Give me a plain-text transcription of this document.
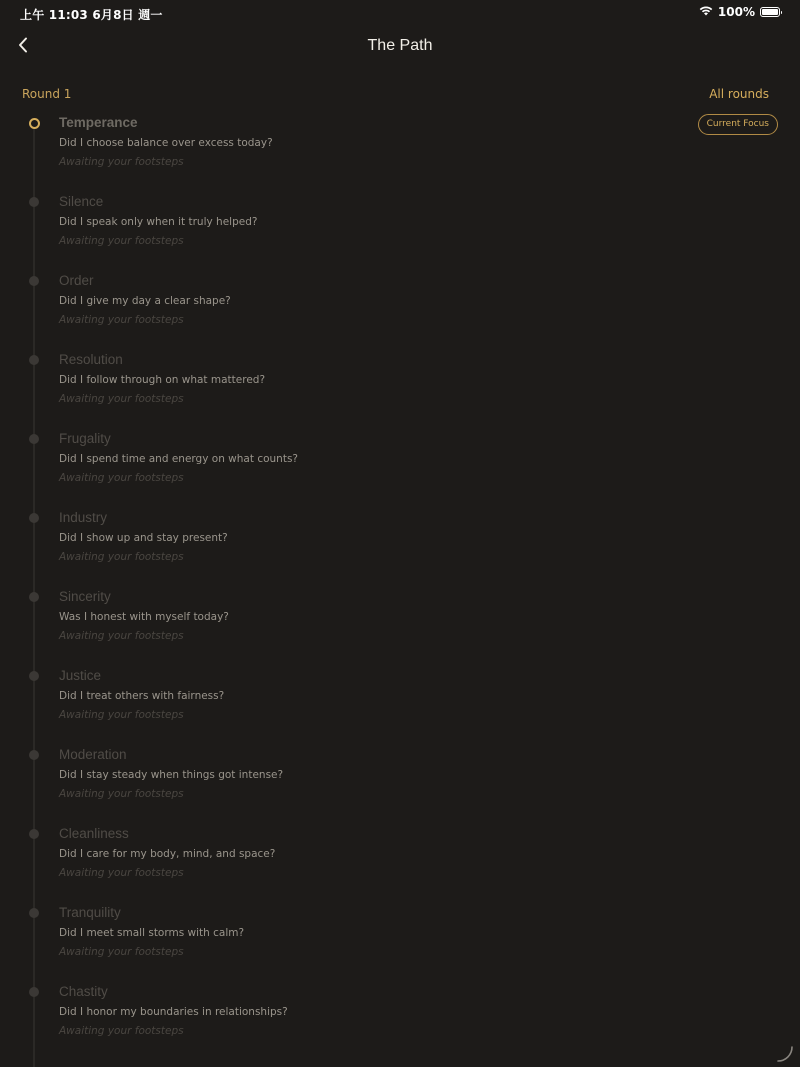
上午 11:03 6月8日 週一	100%
The Path
Round 1	All rounds
Temperance
Did I choose balance over excess today?
Awaiting your footsteps
Current Focus
Silence
Did I speak only when it truly helped?
Awaiting your footsteps
Order
Did I give my day a clear shape?
Awaiting your footsteps
Resolution
Did I follow through on what mattered?
Awaiting your footsteps
Frugality
Did I spend time and energy on what counts?
Awaiting your footsteps
Industry
Did I show up and stay present?
Awaiting your footsteps
Sincerity
Was I honest with myself today?
Awaiting your footsteps
Justice
Did I treat others with fairness?
Awaiting your footsteps
Moderation
Did I stay steady when things got intense?
Awaiting your footsteps
Cleanliness
Did I care for my body, mind, and space?
Awaiting your footsteps
Tranquility
Did I meet small storms with calm?
Awaiting your footsteps
Chastity
Did I honor my boundaries in relationships?
Awaiting your footsteps
